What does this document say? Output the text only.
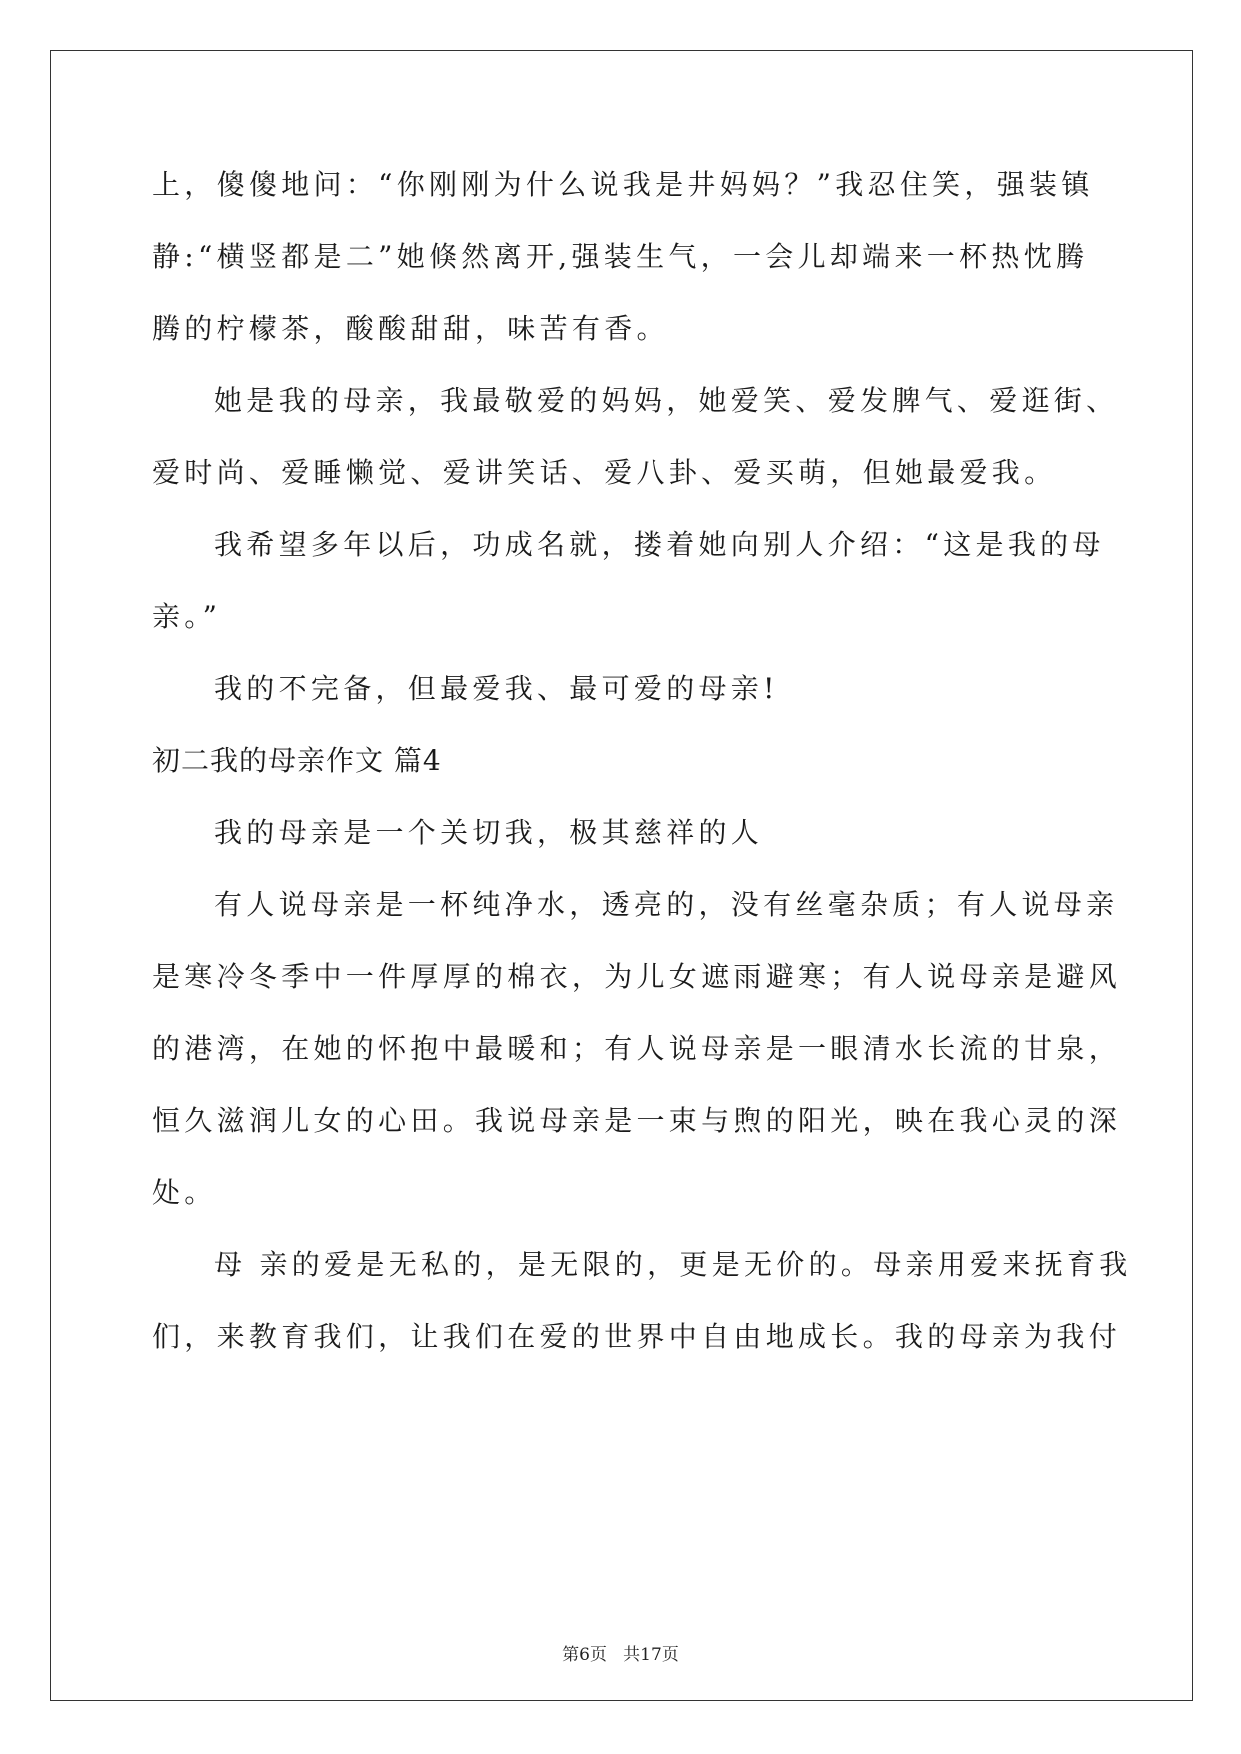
上，傻傻地问：“你刚刚为什么说我是井妈妈？”我忍住笑，强装镇
静:“横竖都是二”她倏然离开,强装生气，一会儿却端来一杯热忱腾
腾的柠檬茶，酸酸甜甜，味苦有香。
她是我的母亲，我最敬爱的妈妈，她爱笑、爱发脾气、爱逛街、
爱时尚、爱睡懒觉、爱讲笑话、爱八卦、爱买萌，但她最爱我。
我希望多年以后，功成名就，搂着她向别人介绍：“这是我的母
亲。”
我的不完备，但最爱我、最可爱的母亲!
初二我的母亲作文 篇4
我的母亲是一个关切我，极其慈祥的人
有人说母亲是一杯纯净水，透亮的，没有丝毫杂质；有人说母亲
是寒冷冬季中一件厚厚的棉衣，为儿女遮雨避寒；有人说母亲是避风
的港湾，在她的怀抱中最暖和；有人说母亲是一眼清水长流的甘泉，
恒久滋润儿女的心田。我说母亲是一束与煦的阳光，映在我心灵的深
处。
母 亲的爱是无私的，是无限的，更是无价的。母亲用爱来抚育我
们，来教育我们，让我们在爱的世界中自由地成长。我的母亲为我付
第6页   共17页
